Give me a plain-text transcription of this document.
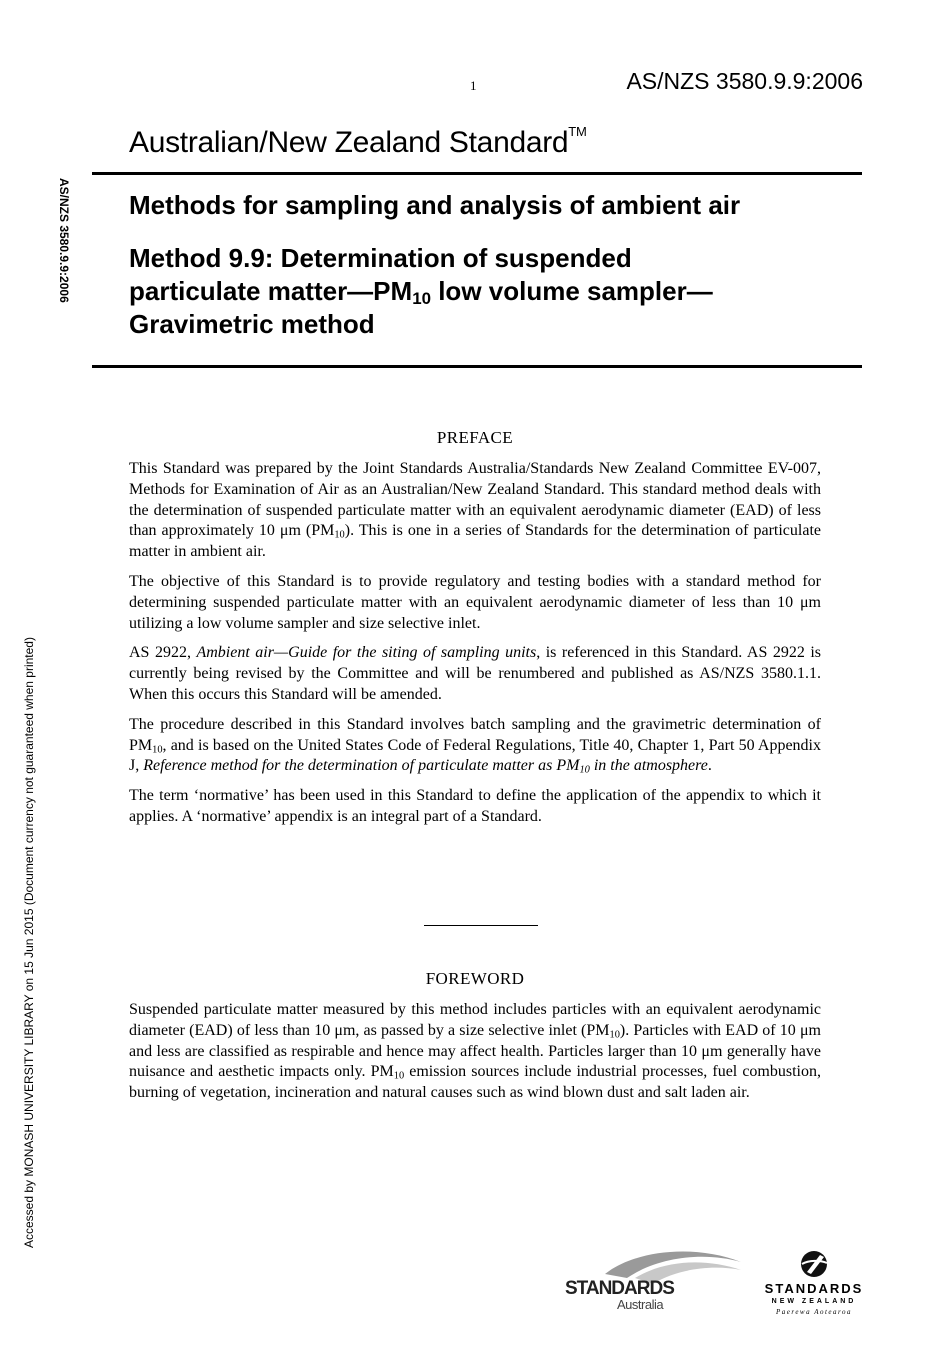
1	AS/NZS 3580.9.9:2006
Australian/New Zealand Standard™
AS/NZS 3580.9.9:2006
Accessed by MONASH UNIVERSITY LIBRARY on 15 Jun 2015 (Document currency not guaranteed when printed)
Methods for sampling and analysis of ambient air
Method 9.9: Determination of suspended
particulate $matter—PM_{10}$ low volume sampler—
Gravimetric method
PREFACE

This Standard was prepared by the Joint Standards Australia/Standards New Zealand Committee EV-007, Methods for Examination of Air as an Australian/New Zealand Standard. This standard method deals with the determination of suspended particulate matter with an equivalent aerodynamic diameter (EAD) of less than approximately 10 μm $(PM_{10})$. This is one in a series of Standards for the determination of particulate matter in ambient air.

The objective of this Standard is to provide regulatory and testing bodies with a standard method for determining suspended particulate matter with an equivalent aerodynamic diameter of less than 10 μm utilizing a low volume sampler and size selective inlet.

AS 2922, Ambient air—Guide for the siting of sampling units, is referenced in this Standard. AS 2922 is currently being revised by the Committee and will be renumbered and published as AS/NZS 3580.1.1. When this occurs this Standard will be amended.

The procedure described in this Standard involves batch sampling and the gravimetric determination of $PM_{10}$, and is based on the United States Code of Federal Regulations, Title 40, Chapter 1, Part 50 Appendix J, Reference method for the determination of particulate matter as $PM_{10}$ in the atmosphere.

The term ‘normative’ has been used in this Standard to define the application of the appendix to which it applies. A ‘normative’ appendix is an integral part of a Standard.

FOREWORD

Suspended particulate matter measured by this method includes particles with an equivalent aerodynamic diameter (EAD) of less than 10 μm, as passed by a size selective inlet $(PM_{10})$. Particles with EAD of 10 μm and less are classified as respirable and hence may affect health. Particles larger than 10 μm generally have nuisance and aesthetic impacts only. $PM_{10}$ emission sources include industrial processes, fuel combustion, burning of vegetation, incineration and natural causes such as wind blown dust and salt laden air.

STANDARDS
Australia
STANDARDS
NEW ZEALAND
Paerewa Aotearoa
